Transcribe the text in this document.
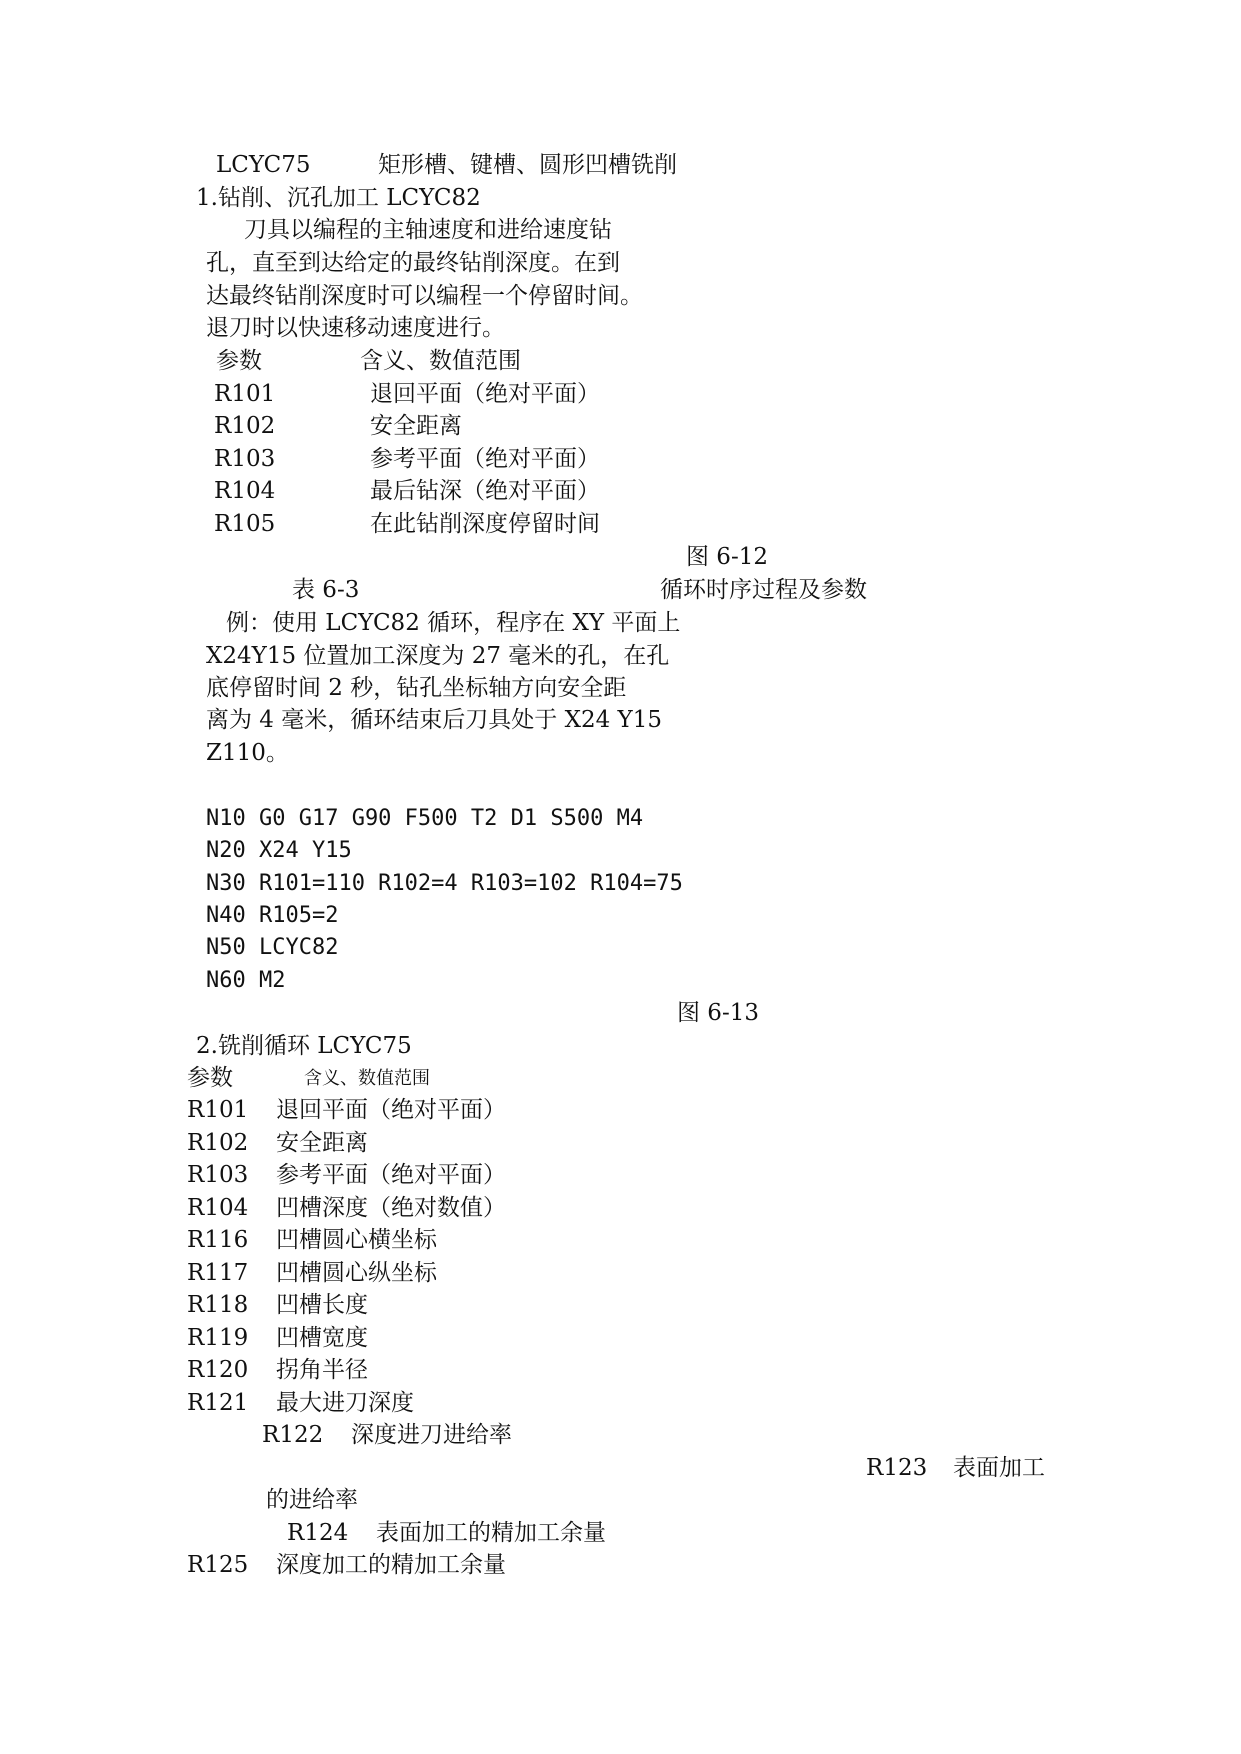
LCYC75	矩形槽、键槽、圆形凹槽铣削
1.钻削、沉孔加工 LCYC82
刀具以编程的主轴速度和进给速度钻
孔，直至到达给定的最终钻削深度。在到
达最终钻削深度时可以编程一个停留时间。
退刀时以快速移动速度进行。
参数	含义、数值范围
R101	退回平面（绝对平面）
R102	安全距离
R103	参考平面（绝对平面）
R104	最后钻深（绝对平面）
R105	在此钻削深度停留时间
图 6-12
表 6-3	循环时序过程及参数
例：使用 LCYC82 循环，程序在 XY 平面上
X24Y15 位置加工深度为 27 毫米的孔，在孔
底停留时间 2 秒，钻孔坐标轴方向安全距
离为 4 毫米，循环结束后刀具处于 X24 Y15
Z110。
N10 G0 G17 G90 F500 T2 D1 S500 M4
N20 X24 Y15
N30 R101=110 R102=4 R103=102 R104=75
N40 R105=2
N50 LCYC82
N60 M2
图 6-13
2.铣削循环 LCYC75
参数	含义、数值范围
R101 退回平面（绝对平面）
R102 安全距离
R103 参考平面（绝对平面）
R104 凹槽深度（绝对数值）
R116 凹槽圆心横坐标
R117 凹槽圆心纵坐标
R118 凹槽长度
R119 凹槽宽度
R120 拐角半径
R121 最大进刀深度
R122 深度进刀进给率
R123 表面加工
的进给率
R124 表面加工的精加工余量
R125 深度加工的精加工余量
